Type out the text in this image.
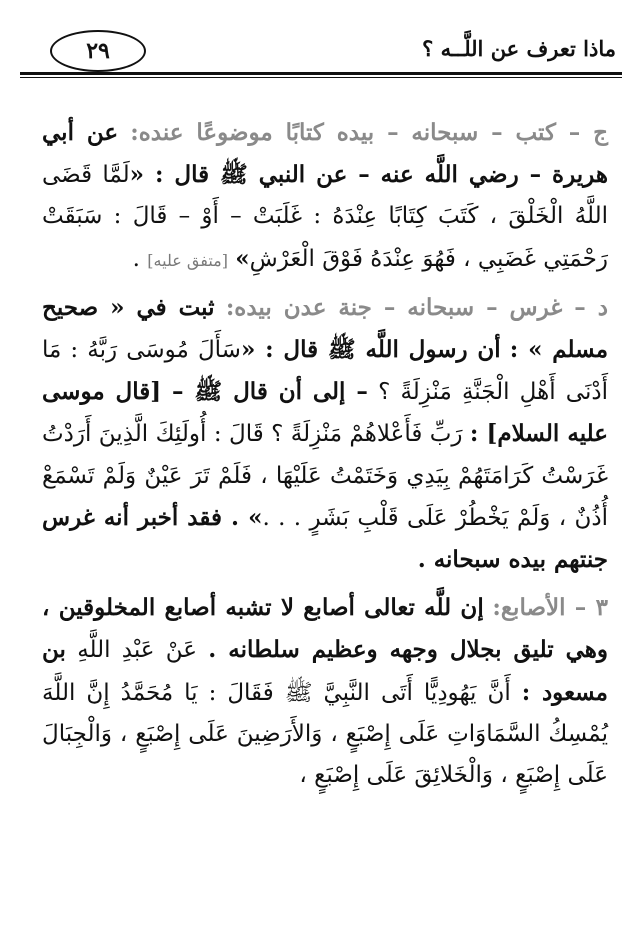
٢٩	ماذا تعرف عن اللَّــه ؟

ج – كتب – سبحانه – بيده كتابًا موضوعًا عنده: عن أبي هريرة – رضي اللَّه عنه – عن النبي ﷺ قال : «لَمَّا قَضَى اللَّهُ الْخَلْقَ ، كَتَبَ كِتَابًا عِنْدَهُ : غَلَبَتْ – أَوْ – قَالَ : سَبَقَتْ رَحْمَتِي غَضَبِي ، فَهُوَ عِنْدَهُ فَوْقَ الْعَرْشِ» [متفق عليه] .

د – غرس – سبحانه – جنة عدن بيده: ثبت في « صحيح مسلم » : أن رسول اللَّه ﷺ قال : «سَأَلَ مُوسَى رَبَّهُ : مَا أَدْنَى أَهْلِ الْجَنَّةِ مَنْزِلَةً ؟ – إلى أن قال ﷺ – [قال موسى عليه السلام] : رَبِّ فَأَعْلاهُمْ مَنْزِلَةً ؟ قَالَ : أُولَئِكَ الَّذِينَ أَرَدْتُ غَرَسْتُ كَرَامَتَهُمْ بِيَدِي وَخَتَمْتُ عَلَيْهَا ، فَلَمْ تَرَ عَيْنٌ وَلَمْ تَسْمَعْ أُذُنٌ ، وَلَمْ يَخْطُرْ عَلَى قَلْبِ بَشَرٍ . . .» . فقد أخبر أنه غرس جنتهم بيده سبحانه .

٣ – الأصابع: إن للَّه تعالى أصابع لا تشبه أصابع المخلوقين ، وهي تليق بجلال وجهه وعظيم سلطانه . عَنْ عَبْدِ اللَّهِ بن مسعود : أَنَّ يَهُودِيًّا أَتَى النَّبِيَّ ﷺ فَقَالَ : يَا مُحَمَّدُ إِنَّ اللَّهَ يُمْسِكُ السَّمَاوَاتِ عَلَى إِصْبَعٍ ، وَالأَرَضِينَ عَلَى إِصْبَعٍ ، وَالْجِبَالَ عَلَى إِصْبَعٍ ، وَالْخَلائِقَ عَلَى إِصْبَعٍ ،
